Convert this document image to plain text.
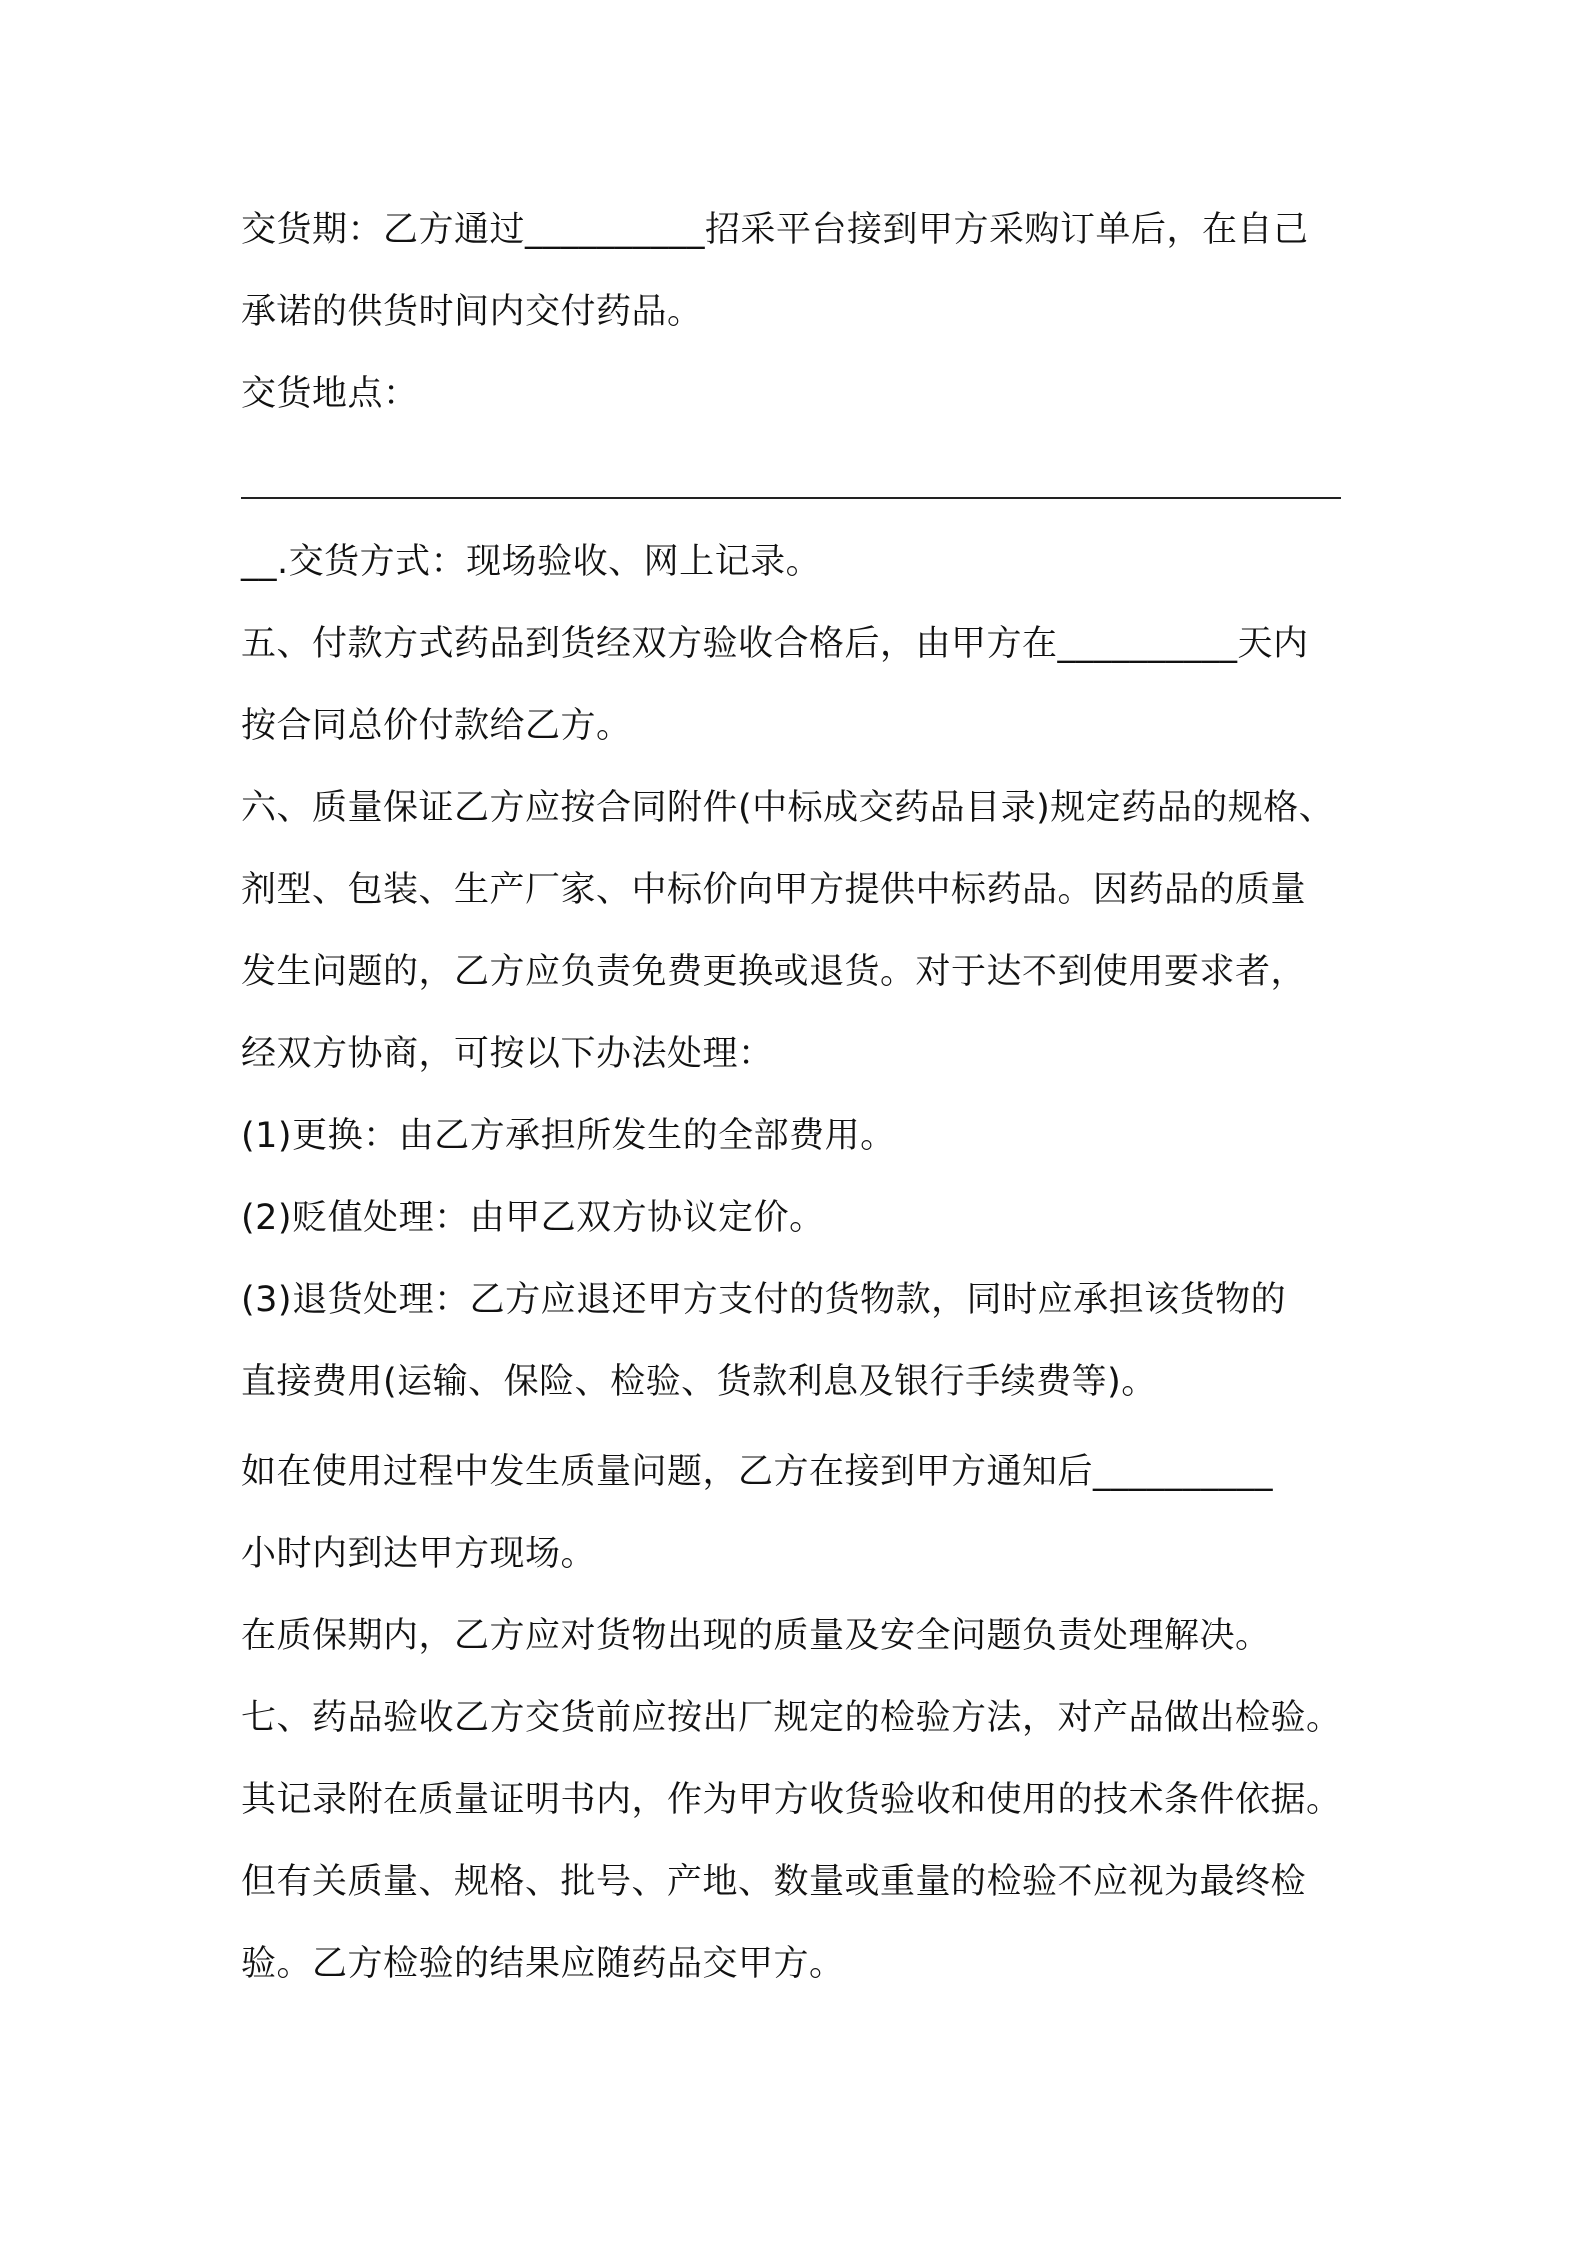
交货期：乙方通过__________招采平台接到甲方采购订单后，在自己
承诺的供货时间内交付药品。
交货地点：
__.交货方式：现场验收、网上记录。
五、付款方式药品到货经双方验收合格后，由甲方在__________天内
按合同总价付款给乙方。
六、质量保证乙方应按合同附件(中标成交药品目录)规定药品的规格、
剂型、包装、生产厂家、中标价向甲方提供中标药品。因药品的质量
发生问题的，乙方应负责免费更换或退货。对于达不到使用要求者，
经双方协商，可按以下办法处理：
(1)更换：由乙方承担所发生的全部费用。
(2)贬值处理：由甲乙双方协议定价。
(3)退货处理：乙方应退还甲方支付的货物款，同时应承担该货物的
直接费用(运输、保险、检验、货款利息及银行手续费等)。
如在使用过程中发生质量问题，乙方在接到甲方通知后__________
小时内到达甲方现场。
在质保期内，乙方应对货物出现的质量及安全问题负责处理解决。
七、药品验收乙方交货前应按出厂规定的检验方法，对产品做出检验。
其记录附在质量证明书内，作为甲方收货验收和使用的技术条件依据。
但有关质量、规格、批号、产地、数量或重量的检验不应视为最终检
验。乙方检验的结果应随药品交甲方。
